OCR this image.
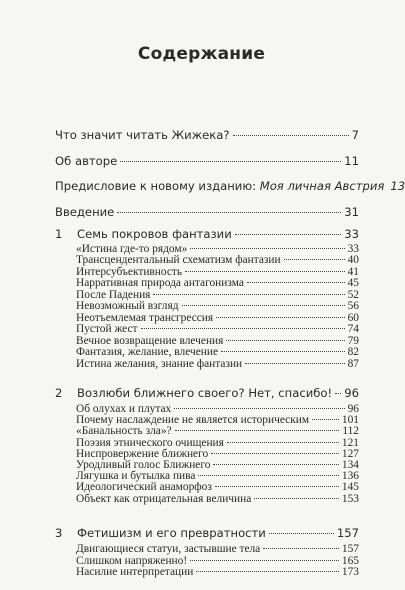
Содержание
Что значит читать Жижека?	7
Об авторе	11
Предисловие к новому изданию: Моя личная Австрия 13
Введение	31
1	Семь покровов фантазии	33
«Истина где-то рядом»	33
Трансцендентальный схематизм фантазии	40
Интерсубъективность	41
Нарративная природа антагонизма	45
После Падения	52
Невозможный взгляд	56
Неотъемлемая трансгрессия	60
Пустой жест	74
Вечное возвращение влечения	79
Фантазия, желание, влечение	82
Истина желания, знание фантазии	87
2	Возлюби ближнего своего? Нет, спасибо! 96
Об олухах и плутах	96
Почему наслаждение не является историческим	101
«Банальность зла»?	112
Поэзия этнического очищения	121
Ниспровержение ближнего	127
Уродливый голос Ближнего	134
Лягушка и бутылка пива	136
Идеологический анаморфоз	145
Объект как отрицательная величина	153
3	Фетишизм и его превратности	157
Двигающиеся статуи, застывшие тела	157
Слишком напряженно!	165
Насилие интерпретации	173
